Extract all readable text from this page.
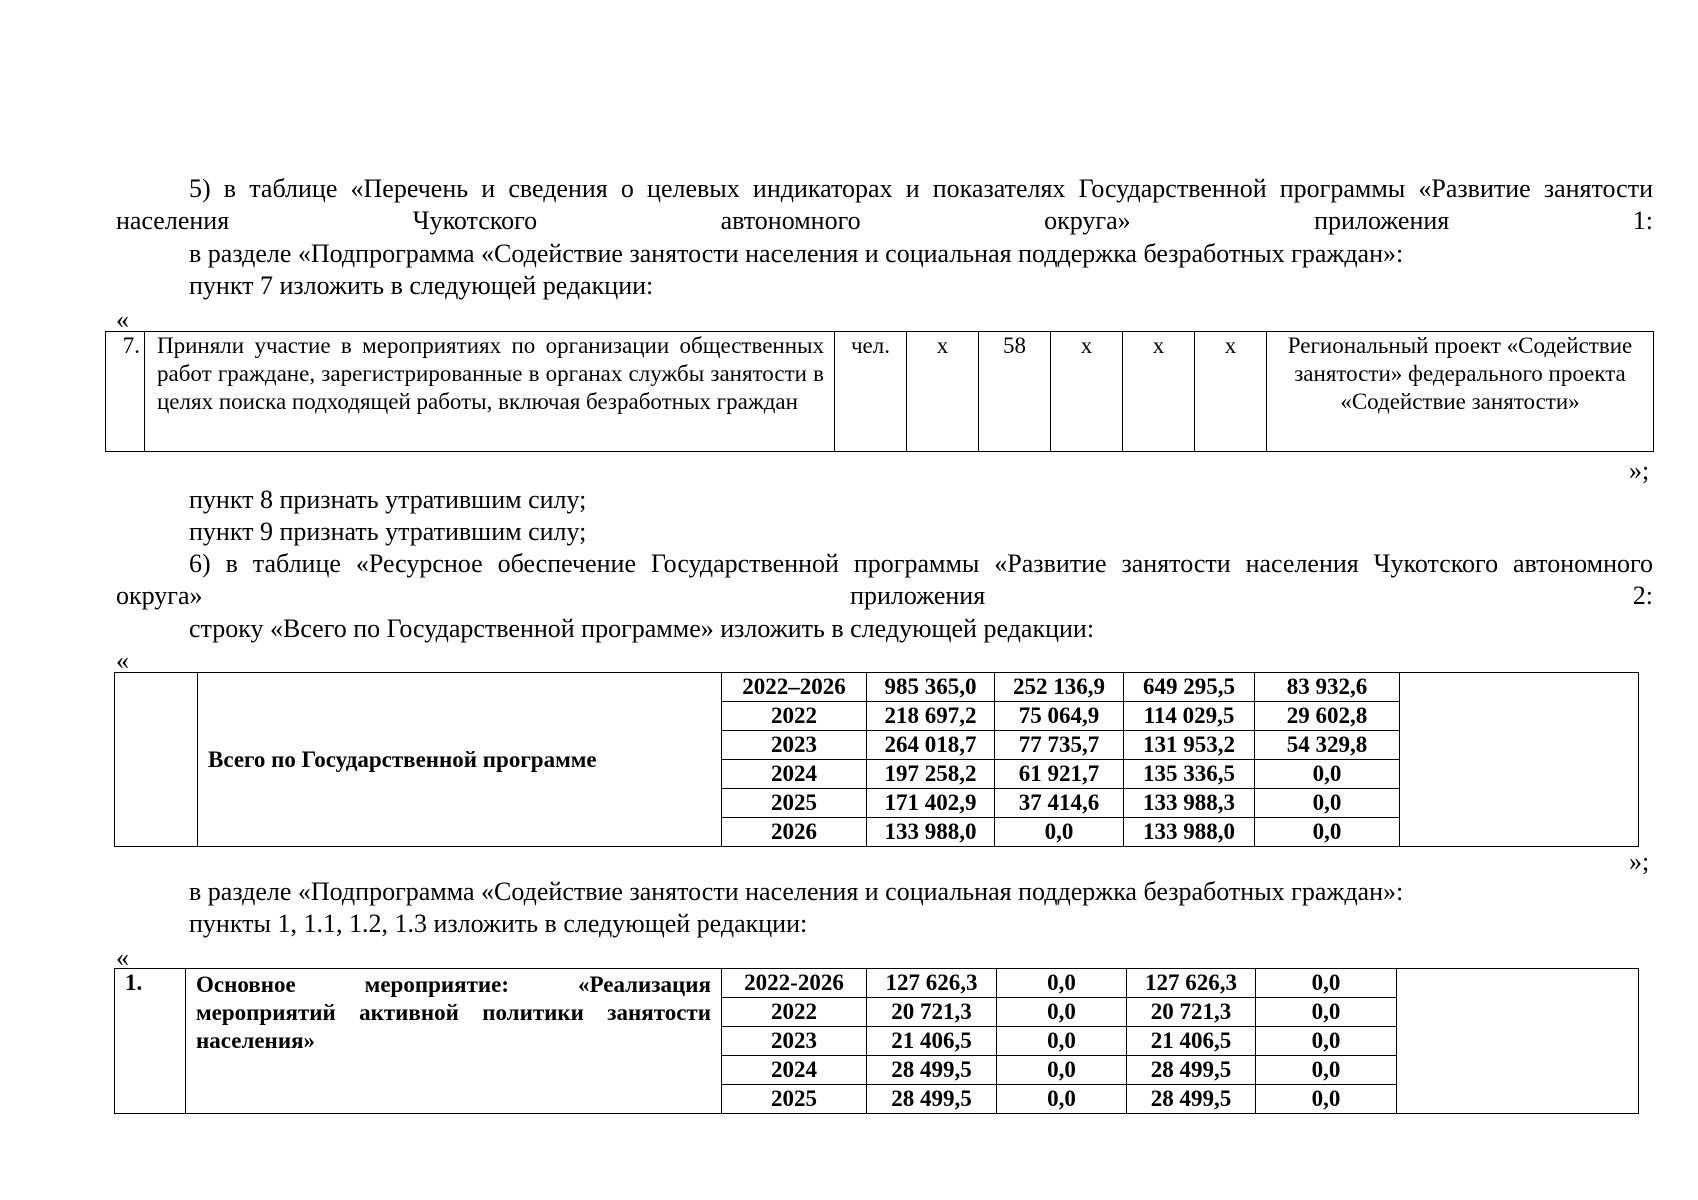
5) в таблице «Перечень и сведения о целевых индикаторах и показателях Государственной программы «Развитие занятости населения Чукотского автономного округа» приложения 1:
в разделе «Подпрограмма «Содействие занятости населения и социальная поддержка безработных граждан»:
пункт 7 изложить в следующей редакции:
«
7.	Приняли участие в мероприятиях по организации общественных работ граждане, зарегистрированные в органах службы занятости в целях поиска подходящей работы, включая безработных граждан	чел.	х	58	х	х	х	Региональный проект «Содействие занятости» федерального проекта «Содействие занятости»
»;
пункт 8 признать утратившим силу;
пункт 9 признать утратившим силу;
6) в таблице «Ресурсное обеспечение Государственной программы «Развитие занятости населения Чукотского автономного округа» приложения 2:
строку «Всего по Государственной программе» изложить в следующей редакции:
«
	Всего по Государственной программе	2022–2026	985 365,0	252 136,9	649 295,5	83 932,6	
		2022	218 697,2	75 064,9	114 029,5	29 602,8	
		2023	264 018,7	77 735,7	131 953,2	54 329,8	
		2024	197 258,2	61 921,7	135 336,5	0,0	
		2025	171 402,9	37 414,6	133 988,3	0,0	
		2026	133 988,0	0,0	133 988,0	0,0	
»;
в разделе «Подпрограмма «Содействие занятости населения и социальная поддержка безработных граждан»:
пункты 1, 1.1, 1.2, 1.3 изложить в следующей редакции:
«
1.	Основное мероприятие: «Реализация мероприятий активной политики занятости населения»	2022-2026	127 626,3	0,0	127 626,3	0,0	
		2022	20 721,3	0,0	20 721,3	0,0	
		2023	21 406,5	0,0	21 406,5	0,0	
		2024	28 499,5	0,0	28 499,5	0,0	
		2025	28 499,5	0,0	28 499,5	0,0	
